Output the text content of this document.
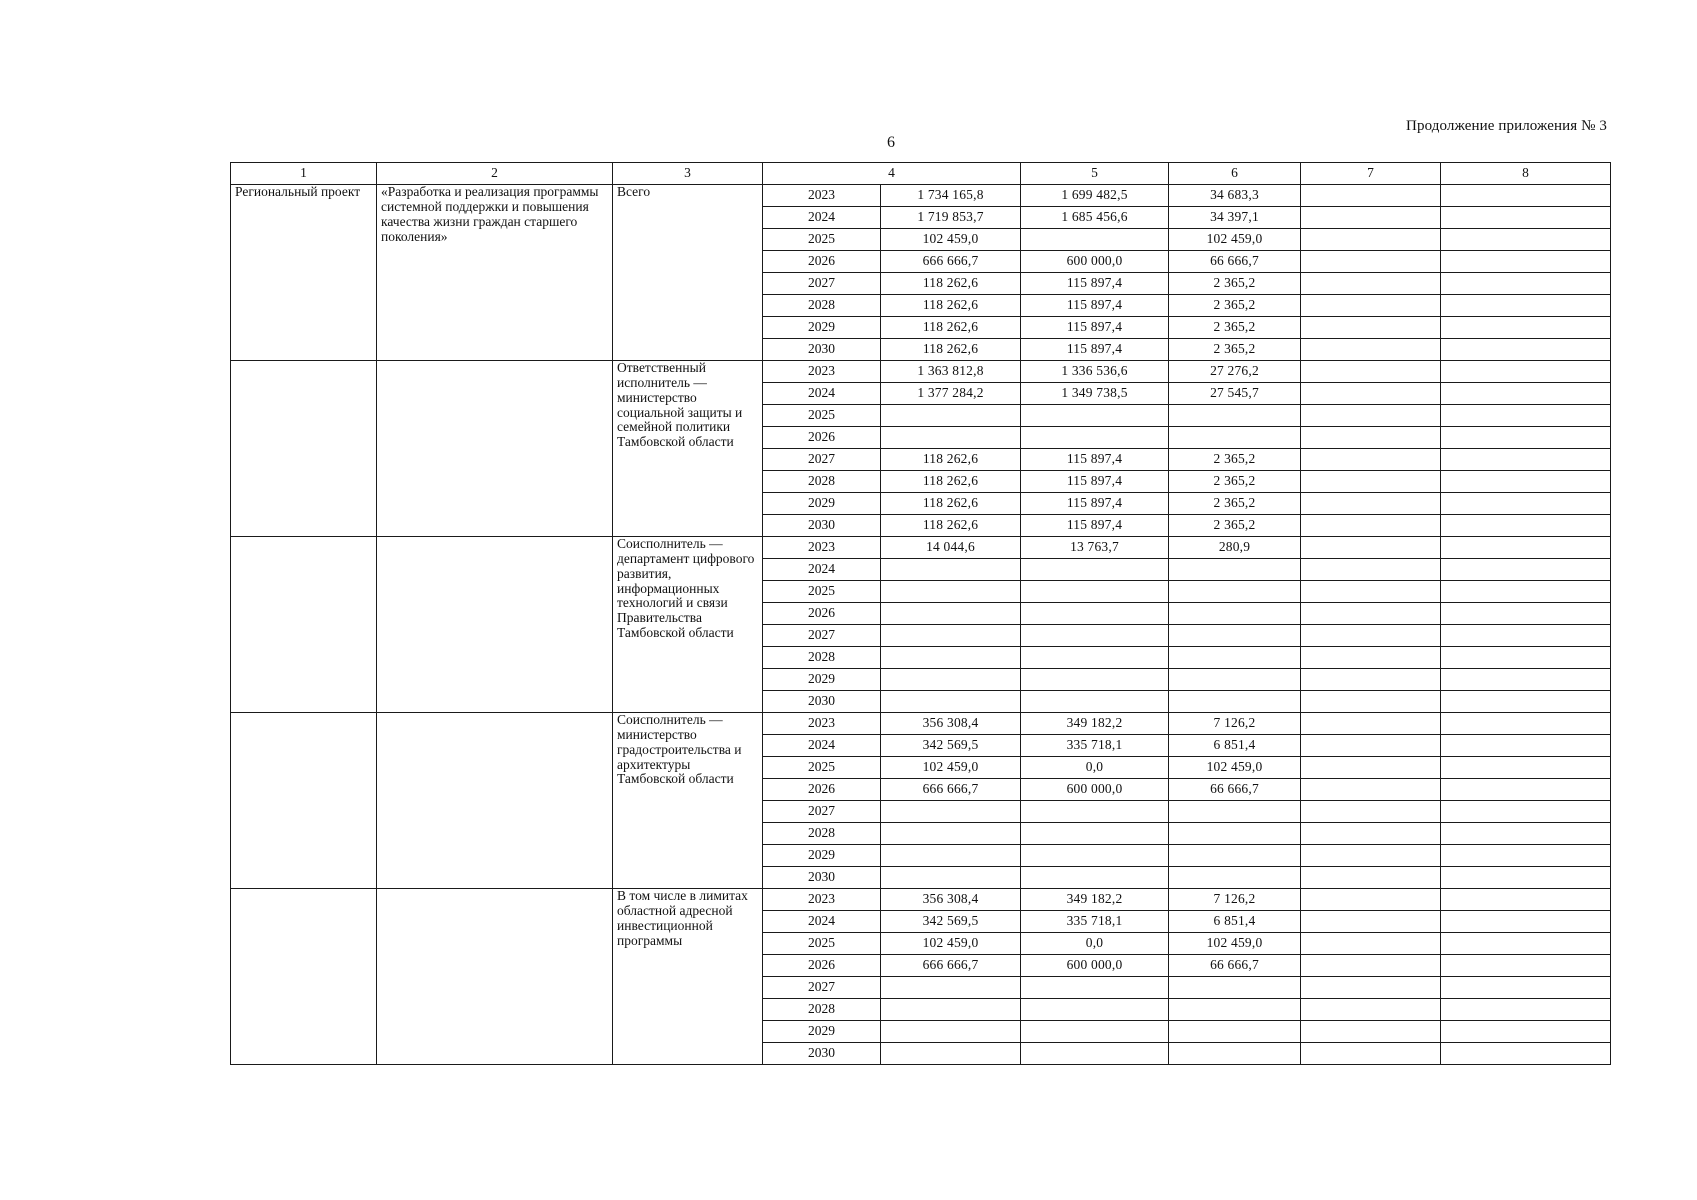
Продолжение приложения № 3
6
1	2	3	4		5	6	7	8
Региональный проект	«Разработка и реализация программы системной поддержки и повышения качества жизни граждан старшего поколения»	Всего	2023	1 734 165,8	1 699 482,5	34 683,3		
			2024	1 719 853,7	1 685 456,6	34 397,1		
			2025	102 459,0		102 459,0		
			2026	666 666,7	600 000,0	66 666,7		
			2027	118 262,6	115 897,4	2 365,2		
			2028	118 262,6	115 897,4	2 365,2		
			2029	118 262,6	115 897,4	2 365,2		
			2030	118 262,6	115 897,4	2 365,2		
		Ответственный исполнитель — министерство социальной защиты и семейной политики Тамбовской области	2023	1 363 812,8	1 336 536,6	27 276,2		
			2024	1 377 284,2	1 349 738,5	27 545,7		
			2025					
			2026					
			2027	118 262,6	115 897,4	2 365,2		
			2028	118 262,6	115 897,4	2 365,2		
			2029	118 262,6	115 897,4	2 365,2		
			2030	118 262,6	115 897,4	2 365,2		
		Соисполнитель — департамент цифрового развития, информационных технологий и связи Правительства Тамбовской области	2023	14 044,6	13 763,7	280,9		
			2024					
			2025					
			2026					
			2027					
			2028					
			2029					
			2030					
		Соисполнитель — министерство градостроительства и архитектуры Тамбовской области	2023	356 308,4	349 182,2	7 126,2		
			2024	342 569,5	335 718,1	6 851,4		
			2025	102 459,0	0,0	102 459,0		
			2026	666 666,7	600 000,0	66 666,7		
			2027					
			2028					
			2029					
			2030					
		В том числе в лимитах областной адресной инвестиционной программы	2023	356 308,4	349 182,2	7 126,2		
			2024	342 569,5	335 718,1	6 851,4		
			2025	102 459,0	0,0	102 459,0		
			2026	666 666,7	600 000,0	66 666,7		
			2027					
			2028					
			2029					
			2030					
